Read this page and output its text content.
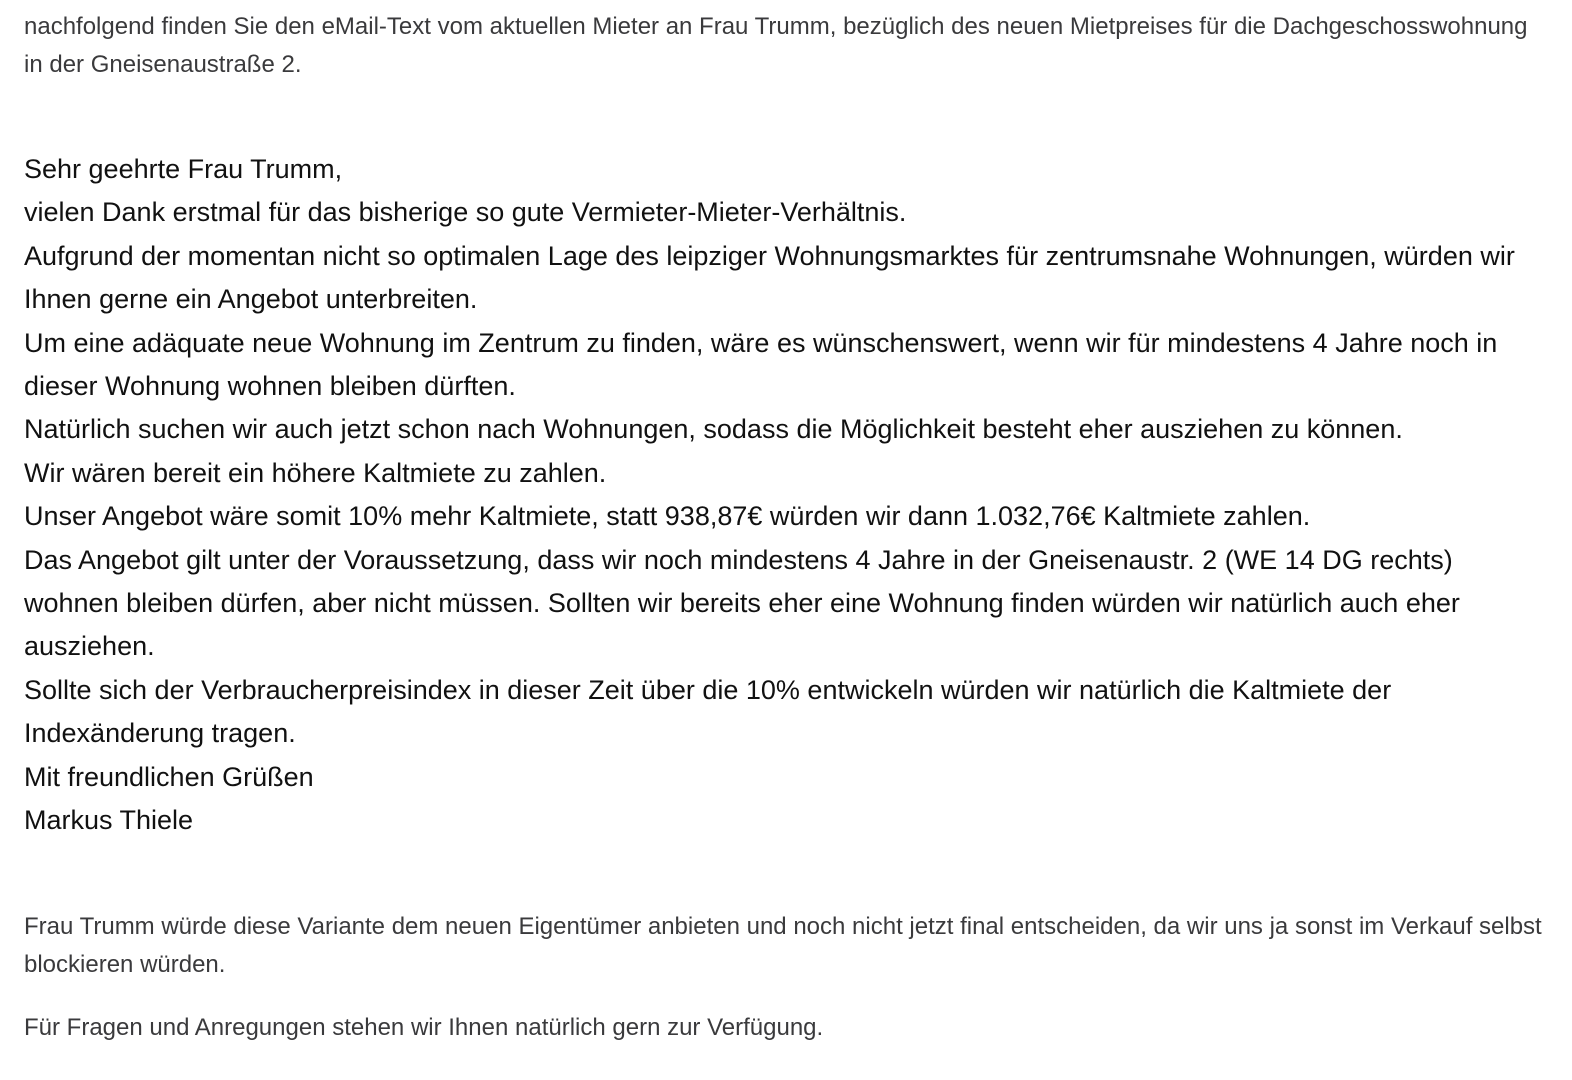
nachfolgend finden Sie den eMail-Text vom aktuellen Mieter an Frau Trumm, bezüglich des neuen Mietpreises für die Dachgeschosswohnung in der Gneisenaustraße 2.

Sehr geehrte Frau Trumm,
vielen Dank erstmal für das bisherige so gute Vermieter-Mieter-Verhältnis.
Aufgrund der momentan nicht so optimalen Lage des leipziger Wohnungsmarktes für zentrumsnahe Wohnungen, würden wir Ihnen gerne ein Angebot unterbreiten.
Um eine adäquate neue Wohnung im Zentrum zu finden, wäre es wünschenswert, wenn wir für mindestens 4 Jahre noch in dieser Wohnung wohnen bleiben dürften.
Natürlich suchen wir auch jetzt schon nach Wohnungen, sodass die Möglichkeit besteht eher ausziehen zu können.
Wir wären bereit ein höhere Kaltmiete zu zahlen.
Unser Angebot wäre somit 10% mehr Kaltmiete, statt 938,87€ würden wir dann 1.032,76€ Kaltmiete zahlen.
Das Angebot gilt unter der Voraussetzung, dass wir noch mindestens 4 Jahre in der Gneisenaustr. 2 (WE 14 DG rechts) wohnen bleiben dürfen, aber nicht müssen. Sollten wir bereits eher eine Wohnung finden würden wir natürlich auch eher ausziehen.
Sollte sich der Verbraucherpreisindex in dieser Zeit über die 10% entwickeln würden wir natürlich die Kaltmiete der Indexänderung tragen.
Mit freundlichen Grüßen
Markus Thiele

Frau Trumm würde diese Variante dem neuen Eigentümer anbieten und noch nicht jetzt final entscheiden, da wir uns ja sonst im Verkauf selbst blockieren würden.

Für Fragen und Anregungen stehen wir Ihnen natürlich gern zur Verfügung.
